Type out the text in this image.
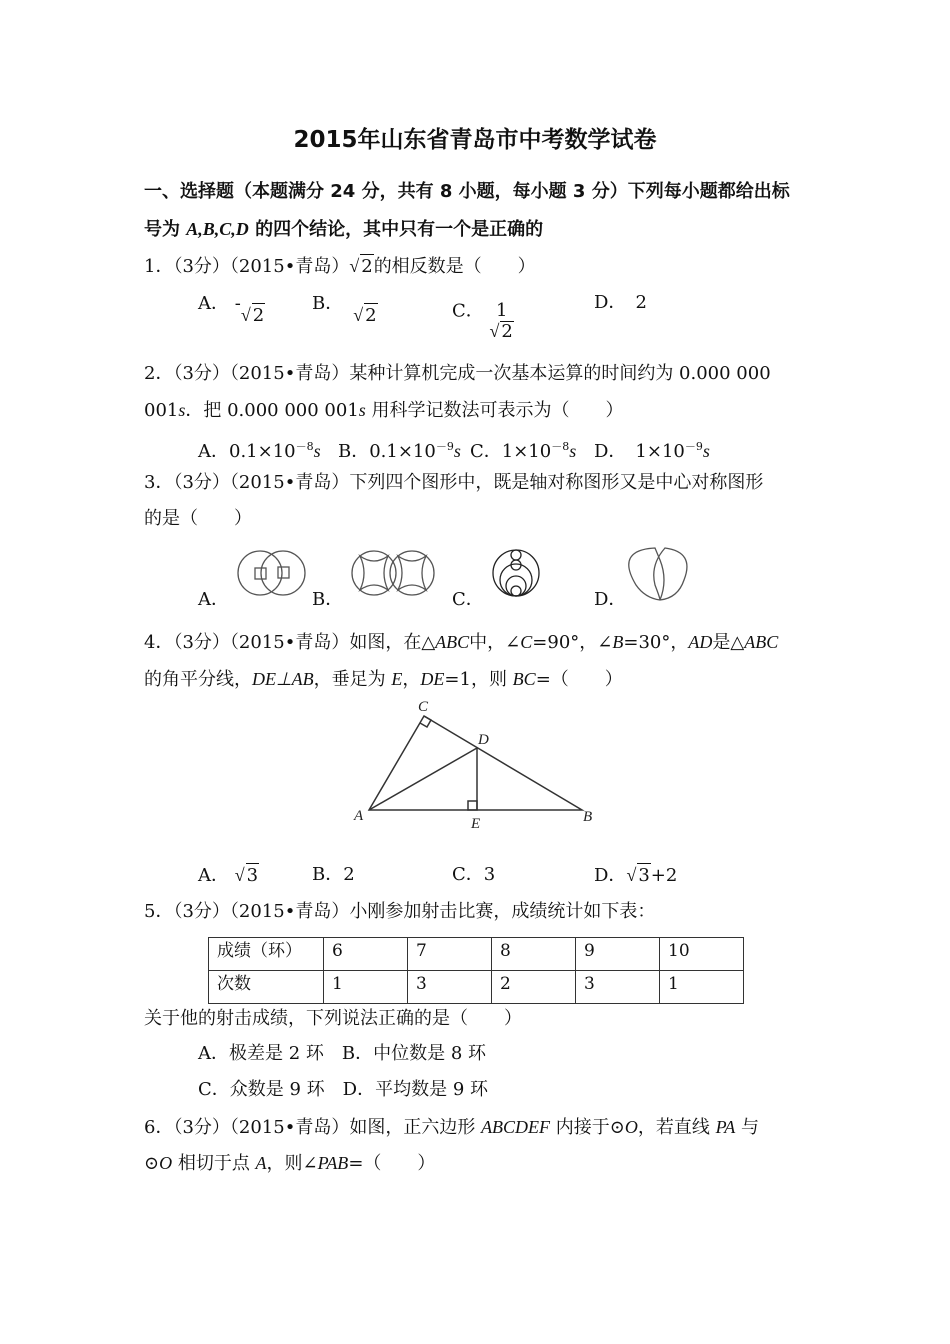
2015年山东省青岛市中考数学试卷
一、选择题（本题满分 24 分，共有 8 小题，每小题 3 分）下列每小题都给出标
号为 A,B,C,D 的四个结论，其中只有一个是正确的
1．（3分）（2015•青岛）√ 2的相反数是（　　）
A． -√ 2
B．√ 2	C． 1
√ 2
D．　 2
2．（3分）（2015•青岛）某种计算机完成一次基本运算的时间约为 0.000 000
001s．把 0.000 000 001s 用科学记数法可表示为（　　）
A．$0.1\times 10^{-8}s$ B．$0.1\times 10^{-9}s$ C．$1\times 10^{-8}s$ D．　$1\times 10^{-9}s$
3．（3分）（2015•青岛）下列四个图形中，既是轴对称图形又是中心对称图形
的是（　　）
A．	B．	C．	D．
4．（3分）（2015•青岛）如图，在△ABC中，∠C=90°，∠B=30°，AD是△ABC
的角平分线，DE⊥AB，垂足为 E，DE=1，则 BC=（　　）
A	B
C
D
E
A． √ 3	B．2	C．3	D．√ 3+2
5．（3分）（2015•青岛）小刚参加射击比赛，成绩统计如下表：
成绩（环）	6	7	8	9	10
次数	1	3	2	3	1
关于他的射击成绩，下列说法正确的是（　　）
A．极差是 2 环　B．中位数是 8 环
C．众数是 9 环　D．平均数是 9 环
6．（3分）（2015•青岛）如图，正六边形 ABCDEF 内接于⊙O，若直线 PA 与
⊙O 相切于点 A，则∠PAB=（　　）
